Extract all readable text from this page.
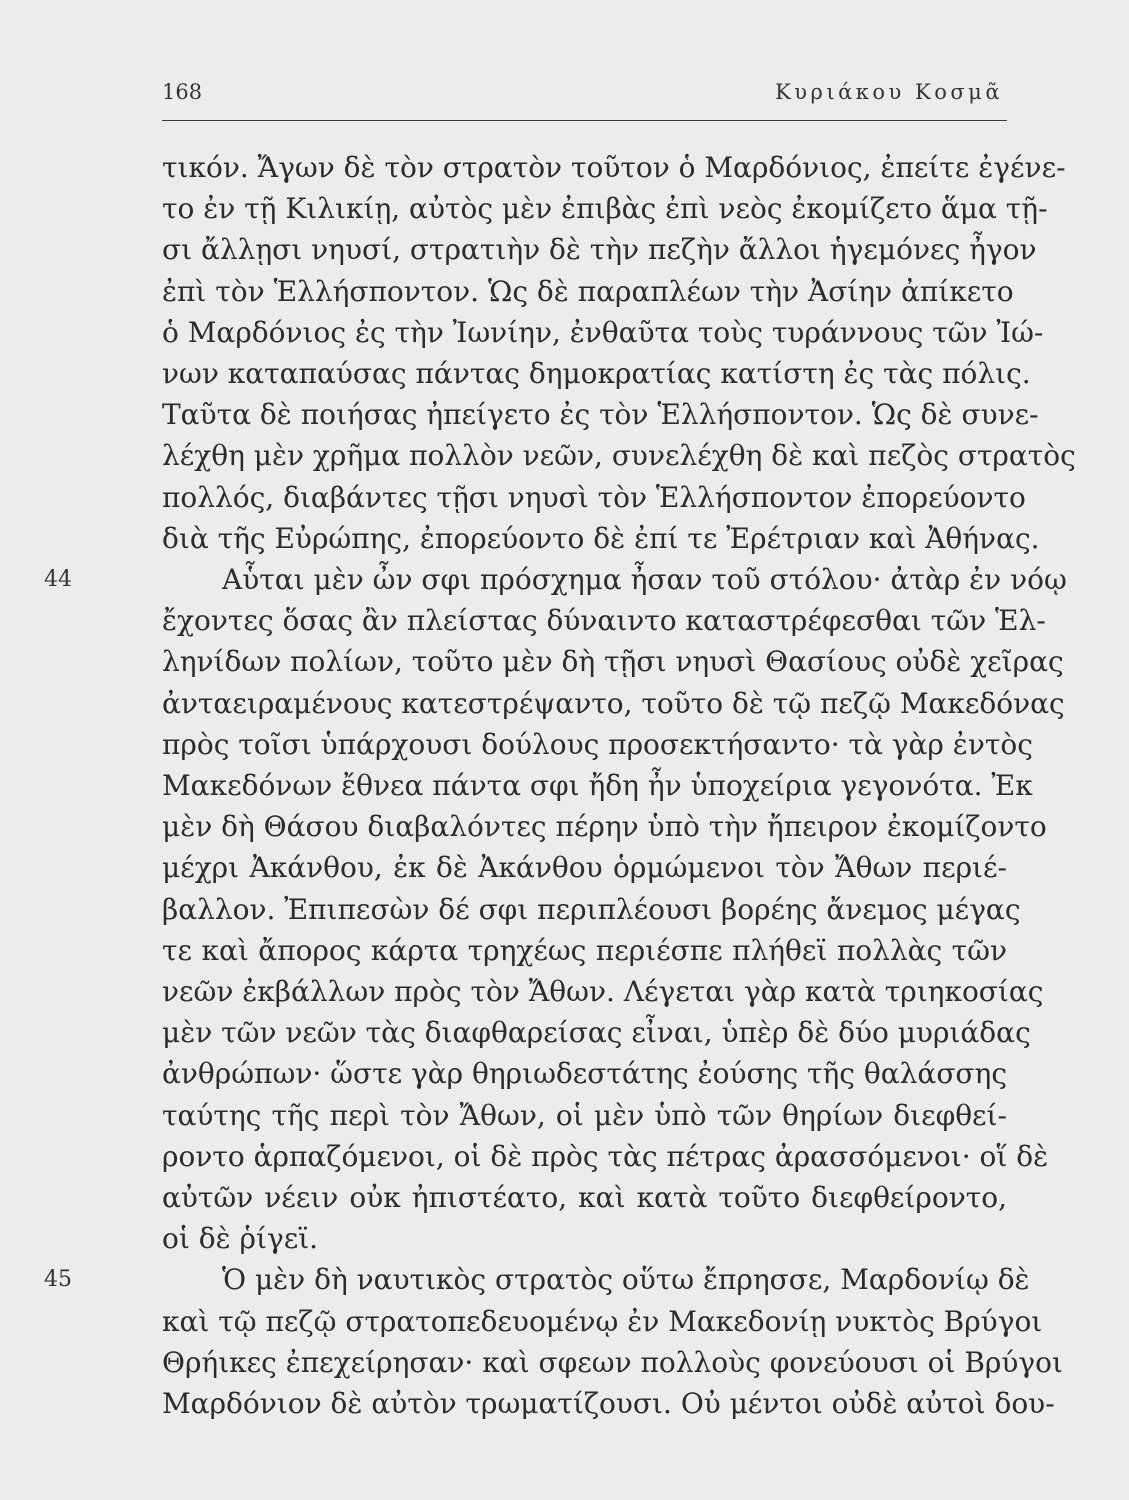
168	Κυριάκου Κοσμᾶ
τικόν. Ἄγων δὲ τὸν στρατὸν τοῦτον ὁ Μαρδόνιος, ἐπείτε ἐγένε-
το ἐν τῇ Κιλικίῃ, αὐτὸς μὲν ἐπιβὰς ἐπὶ νεὸς ἐκομίζετο ἅμα τῇ-
σι ἄλλῃσι νηυσί, στρατιὴν δὲ τὴν πεζὴν ἄλλοι ἡγεμόνες ἦγον
ἐπὶ τὸν Ἑλλήσποντον. Ὡς δὲ παραπλέων τὴν Ἀσίην ἀπίκετο
ὁ Μαρδόνιος ἐς τὴν Ἰωνίην, ἐνθαῦτα τοὺς τυράννους τῶν Ἰώ-
νων καταπαύσας πάντας δημοκρατίας κατίστη ἐς τὰς πόλις.
Ταῦτα δὲ ποιήσας ἠπείγετο ἐς τὸν Ἑλλήσποντον. Ὡς δὲ συνε-
λέχθη μὲν χρῆμα πολλὸν νεῶν, συνελέχθη δὲ καὶ πεζὸς στρατὸς
πολλός, διαβάντες τῇσι νηυσὶ τὸν Ἑλλήσποντον ἐπορεύοντο
διὰ τῆς Εὐρώπης, ἐπορεύοντο δὲ ἐπί τε Ἐρέτριαν καὶ Ἀθήνας.
44	Αὗται μὲν ὦν σφι πρόσχημα ἦσαν τοῦ στόλου· ἀτὰρ ἐν νόῳ
ἔχοντες ὅσας ἂν πλείστας δύναιντο καταστρέφεσθαι τῶν Ἑλ-
ληνίδων πολίων, τοῦτο μὲν δὴ τῇσι νηυσὶ Θασίους οὐδὲ χεῖρας
ἀνταειραμένους κατεστρέψαντο, τοῦτο δὲ τῷ πεζῷ Μακεδόνας
πρὸς τοῖσι ὑπάρχουσι δούλους προσεκτήσαντο· τὰ γὰρ ἐντὸς
Μακεδόνων ἔθνεα πάντα σφι ἤδη ἦν ὑποχείρια γεγονότα. Ἐκ
μὲν δὴ Θάσου διαβαλόντες πέρην ὑπὸ τὴν ἤπειρον ἐκομίζοντο
μέχρι Ἀκάνθου, ἐκ δὲ Ἀκάνθου ὁρμώμενοι τὸν Ἄθων περιέ-
βαλλον. Ἐπιπεσὼν δέ σφι περιπλέουσι βορέης ἄνεμος μέγας
τε καὶ ἄπορος κάρτα τρηχέως περιέσπε πλήθεϊ πολλὰς τῶν
νεῶν ἐκβάλλων πρὸς τὸν Ἄθων. Λέγεται γὰρ κατὰ τριηκοσίας
μὲν τῶν νεῶν τὰς διαφθαρείσας εἶναι, ὑπὲρ δὲ δύο μυριάδας
ἀνθρώπων· ὥστε γὰρ θηριωδεστάτης ἐούσης τῆς θαλάσσης
ταύτης τῆς περὶ τὸν Ἄθων, οἱ μὲν ὑπὸ τῶν θηρίων διεφθεί-
ροντο ἁρπαζόμενοι, οἱ δὲ πρὸς τὰς πέτρας ἀρασσόμενοι· οἵ δὲ
αὐτῶν νέειν οὐκ ἠπιστέατο, καὶ κατὰ τοῦτο διεφθείροντο,
οἱ δὲ ῥίγεϊ.
45	Ὁ μὲν δὴ ναυτικὸς στρατὸς οὕτω ἔπρησσε, Μαρδονίῳ δὲ
καὶ τῷ πεζῷ στρατοπεδευομένῳ ἐν Μακεδονίῃ νυκτὸς Βρύγοι
Θρήικες ἐπεχείρησαν· καὶ σφεων πολλοὺς φονεύουσι οἱ Βρύγοι
Μαρδόνιον δὲ αὐτὸν τρωματίζουσι. Οὐ μέντοι οὐδὲ αὐτοὶ δου-
